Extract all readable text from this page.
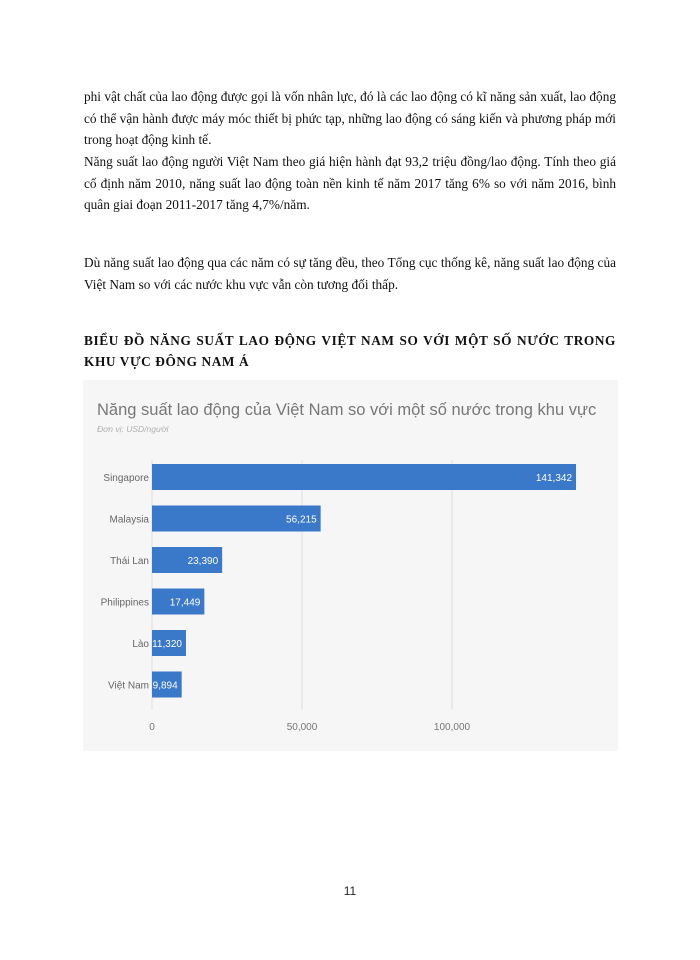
phi vật chất của lao động được gọi là vốn nhân lực, đó là các lao động có kĩ năng sản xuất, lao động có thể vận hành được máy móc thiết bị phức tạp, những lao động có sáng kiến và phương pháp mới trong hoạt động kinh tế.

Năng suất lao động người Việt Nam theo giá hiện hành đạt 93,2 triệu đồng/lao động. Tính theo giá cố định năm 2010, năng suất lao động toàn nền kinh tế năm 2017 tăng 6% so với năm 2016, bình quân giai đoạn 2011-2017 tăng 4,7%/năm.

Dù năng suất lao động qua các năm có sự tăng đều, theo Tổng cục thống kê, năng suất lao động của Việt Nam so với các nước khu vực vẫn còn tương đối thấp.

BIỂU ĐỒ NĂNG SUẤT LAO ĐỘNG VIỆT NAM SO VỚI MỘT SỐ NƯỚC TRONG KHU VỰC ĐÔNG NAM Á

Năng suất lao động của Việt Nam so với một số nước trong khu vực
Đơn vị: USD/người
0	50,000	100,000
Singapore	141,342
Malaysia	56,215
Thái Lan	23,390
Philippines 17,449
Lào 11,320
Việt Nam 9,894
11
